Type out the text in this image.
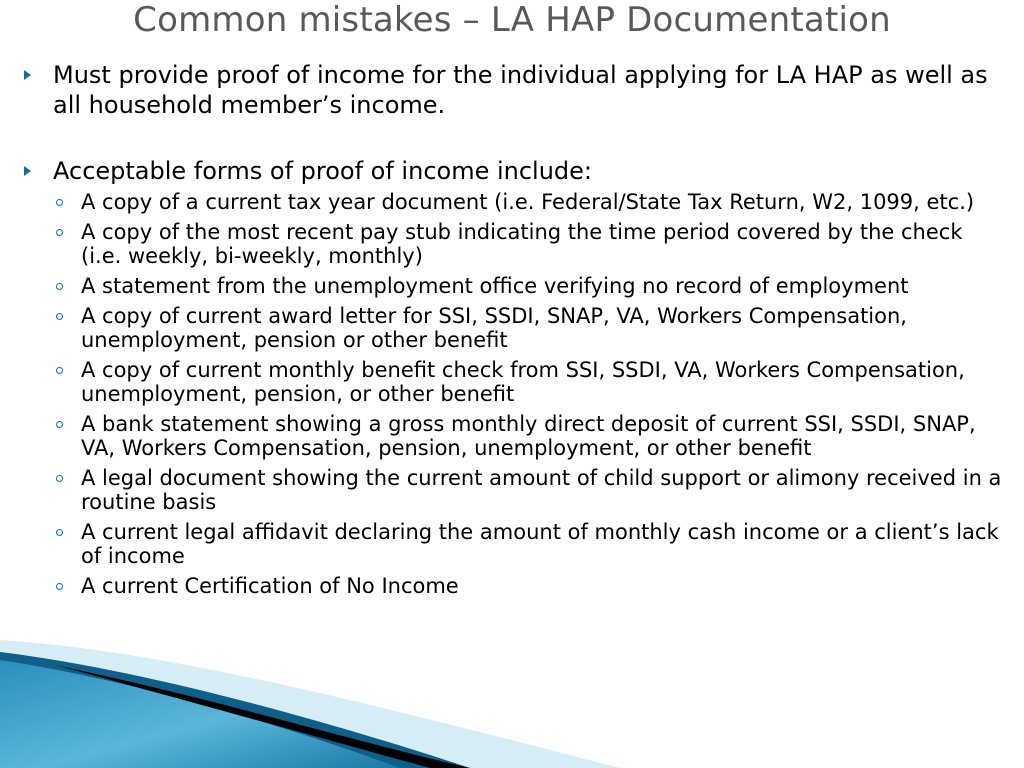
Common mistakes – LA HAP Documentation
Must provide proof of income for the individual applying for LA HAP as well as all household member’s income.
Acceptable forms of proof of income include:
A copy of a current tax year document (i.e. Federal/State Tax Return, W2, 1099, etc.)
A copy of the most recent pay stub indicating the time period covered by the check (i.e. weekly, bi-weekly, monthly)
A statement from the unemployment office verifying no record of employment
A copy of current award letter for SSI, SSDI, SNAP, VA, Workers Compensation, unemployment, pension or other benefit
A copy of current monthly benefit check from SSI, SSDI, VA, Workers Compensation, unemployment, pension, or other benefit
A bank statement showing a gross monthly direct deposit of current SSI, SSDI, SNAP, VA, Workers Compensation, pension, unemployment, or other benefit
A legal document showing the current amount of child support or alimony received in a routine basis
A current legal affidavit declaring the amount of monthly cash income or a client’s lack of income
A current Certification of No Income
